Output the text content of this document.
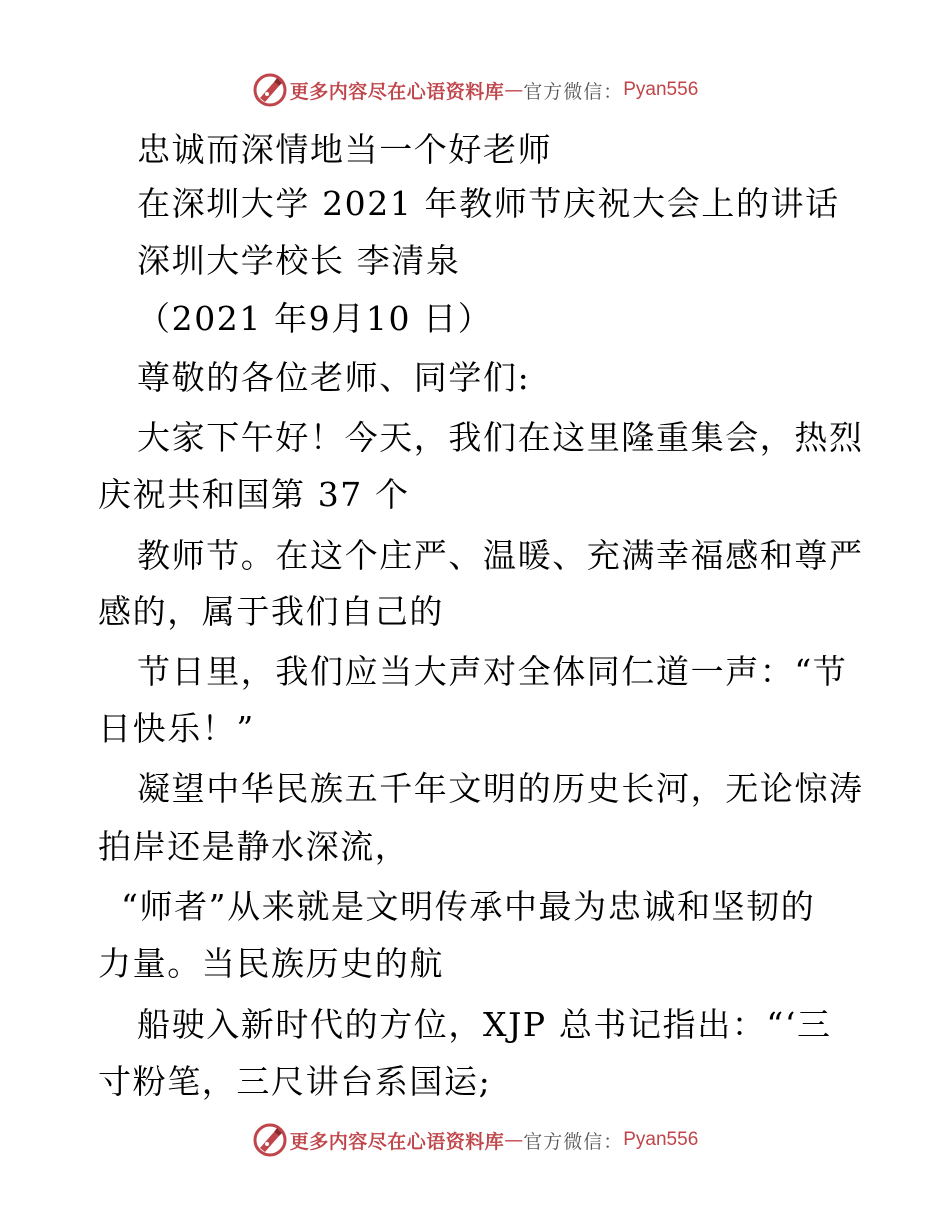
更多内容尽在心语资料库 — 官方微信： Pyan556
忠诚而深情地当一个好老师
在深圳大学 2021 年教师节庆祝大会上的讲话
深圳大学校长 李清泉
（2021 年9月10 日）
尊敬的各位老师、同学们:
大家下午好！今天，我们在这里隆重集会，热烈
庆祝共和国第 37 个
教师节。在这个庄严、温暖、充满幸福感和尊严
感的，属于我们自己的
节日里，我们应当大声对全体同仁道一声：“节
日快乐！”
凝望中华民族五千年文明的历史长河，无论惊涛
拍岸还是静水深流，
“师者”从来就是文明传承中最为忠诚和坚韧的
力量。当民族历史的航
船驶入新时代的方位，XJP 总书记指出：“‘三
寸粉笔，三尺讲台系国运;
更多内容尽在心语资料库 — 官方微信： Pyan556
